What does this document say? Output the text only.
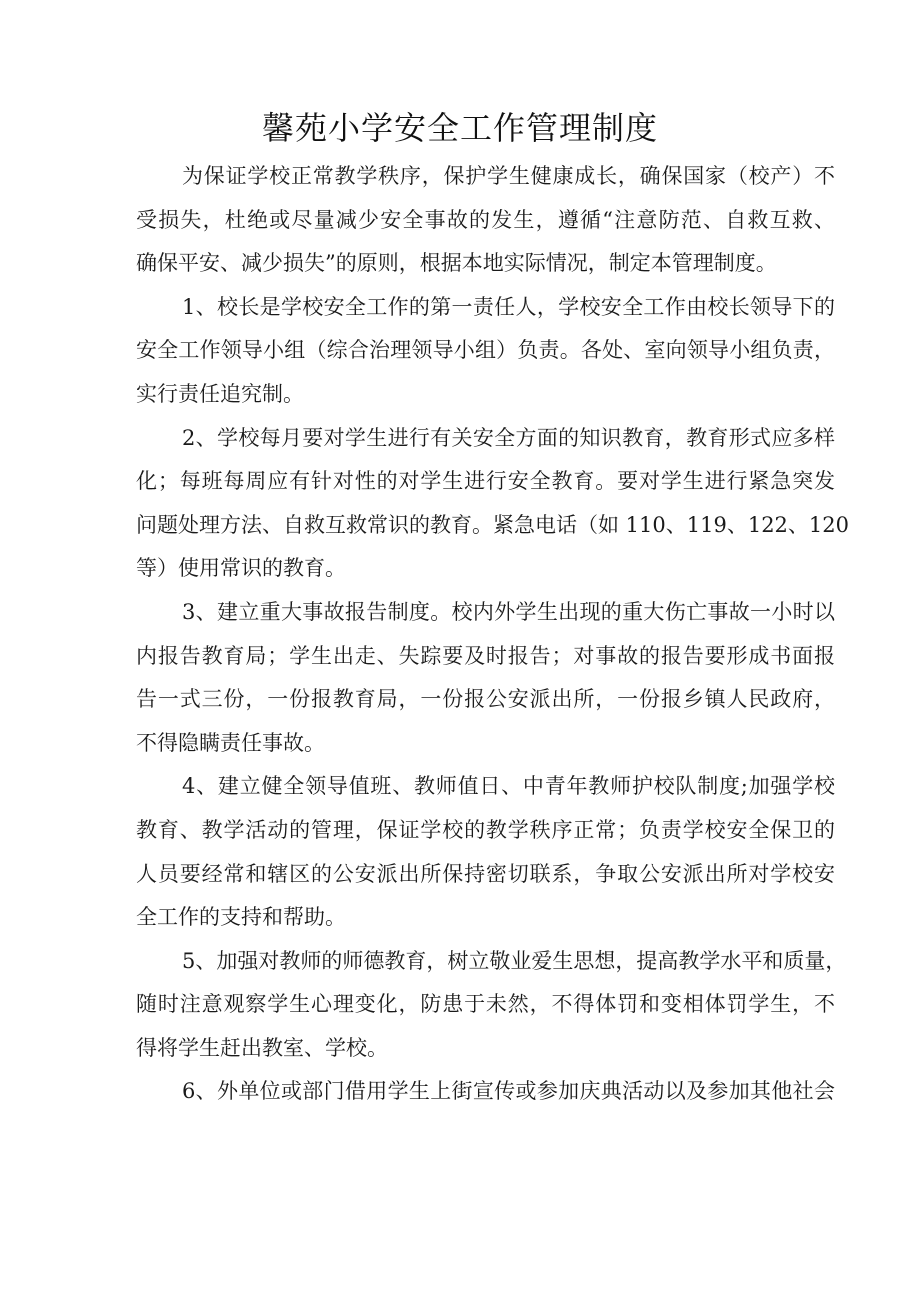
馨苑小学安全工作管理制度
为保证学校正常教学秩序，保护学生健康成长，确保国家（校产）不
受损失，杜绝或尽量减少安全事故的发生，遵循“注意防范、自救互救、
确保平安、减少损失”的原则，根据本地实际情况，制定本管理制度。
1、校长是学校安全工作的第一责任人，学校安全工作由校长领导下的
安全工作领导小组（综合治理领导小组）负责。各处、室向领导小组负责，
实行责任追究制。
2、学校每月要对学生进行有关安全方面的知识教育，教育形式应多样
化；每班每周应有针对性的对学生进行安全教育。要对学生进行紧急突发
问题处理方法、自救互救常识的教育。紧急电话（如 110、119、122、120
等）使用常识的教育。
3、建立重大事故报告制度。校内外学生出现的重大伤亡事故一小时以
内报告教育局；学生出走、失踪要及时报告；对事故的报告要形成书面报
告一式三份，一份报教育局，一份报公安派出所，一份报乡镇人民政府，
不得隐瞒责任事故。
4、建立健全领导值班、教师值日、中青年教师护校队制度;加强学校
教育、教学活动的管理，保证学校的教学秩序正常；负责学校安全保卫的
人员要经常和辖区的公安派出所保持密切联系，争取公安派出所对学校安
全工作的支持和帮助。
5、加强对教师的师德教育，树立敬业爱生思想，提高教学水平和质量，
随时注意观察学生心理变化，防患于未然，不得体罚和变相体罚学生，不
得将学生赶出教室、学校。
6、外单位或部门借用学生上街宣传或参加庆典活动以及参加其他社会
